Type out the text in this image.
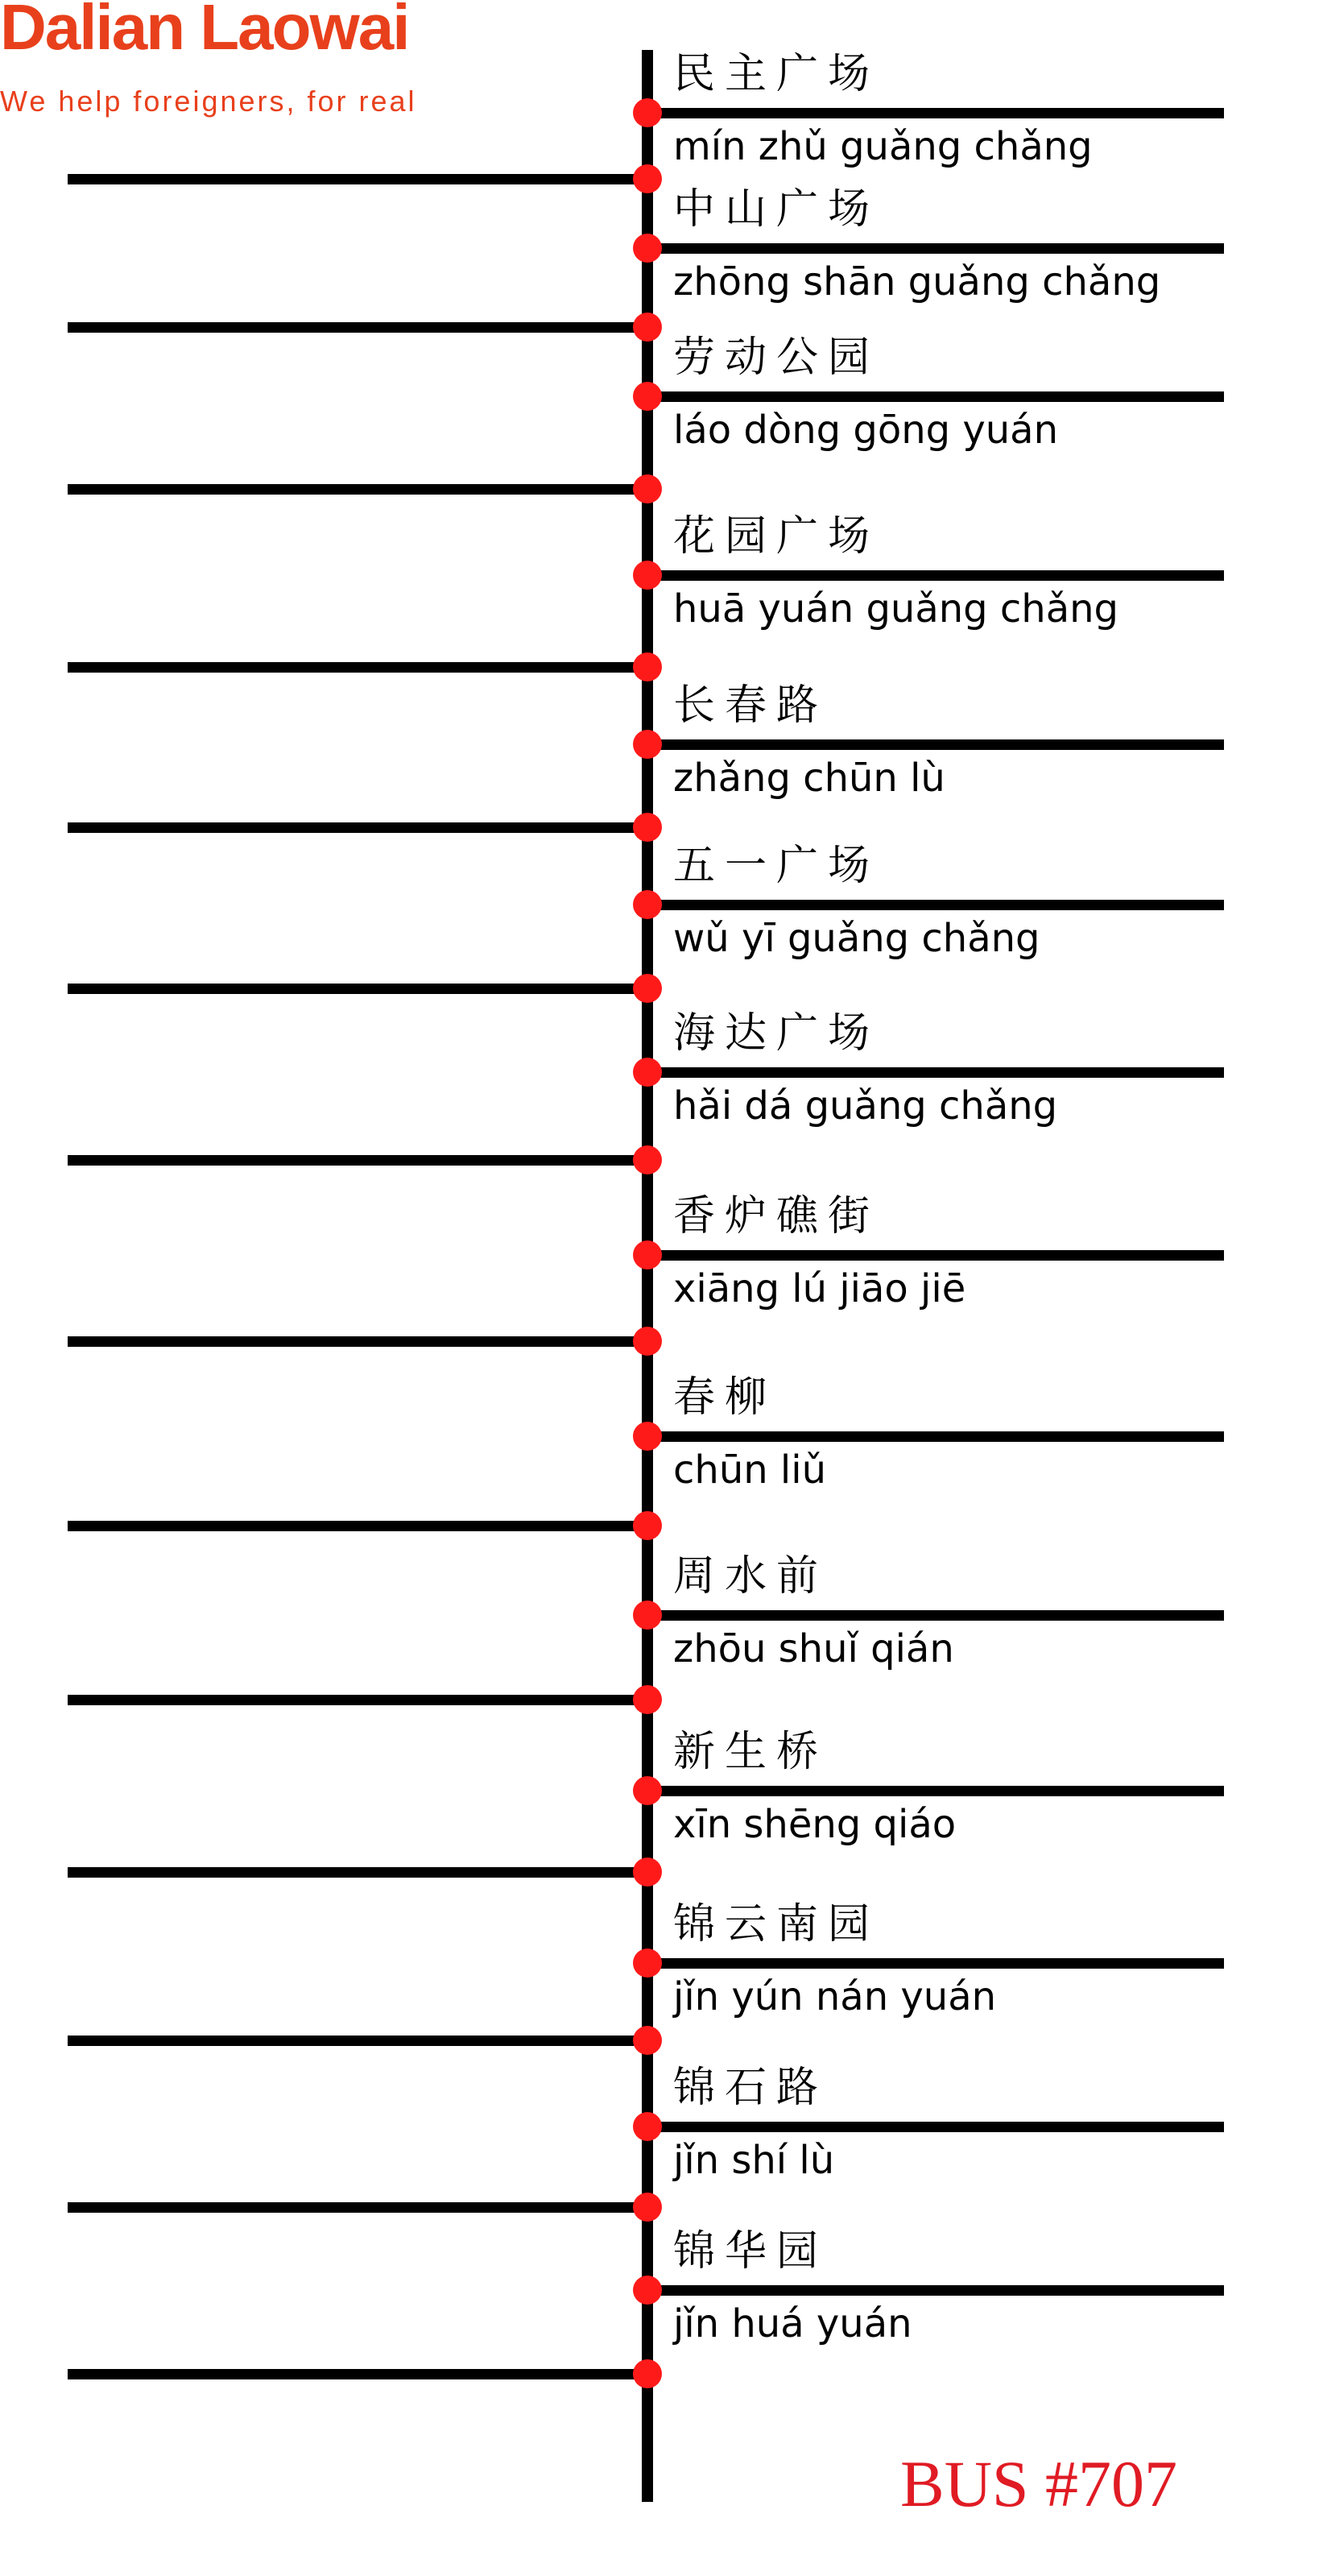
Dalian Laowai
We help foreigners, for real
民主广场
mín zhǔ guǎng chǎng
中山广场
zhōng shān guǎng chǎng
劳动公园
láo dòng gōng yuán
花园广场
huā yuán guǎng chǎng
长春路
zhǎng chūn lù
五一广场
wǔ yī guǎng chǎng
海达广场
hǎi dá guǎng chǎng
香炉礁街
xiāng lú jiāo jiē
春柳
chūn liǔ
周水前
zhōu shuǐ qián
新生桥
xīn shēng qiáo
锦云南园
jǐn yún nán yuán
锦石路
jǐn shí lù
锦华园
jǐn huá yuán
BUS #707
